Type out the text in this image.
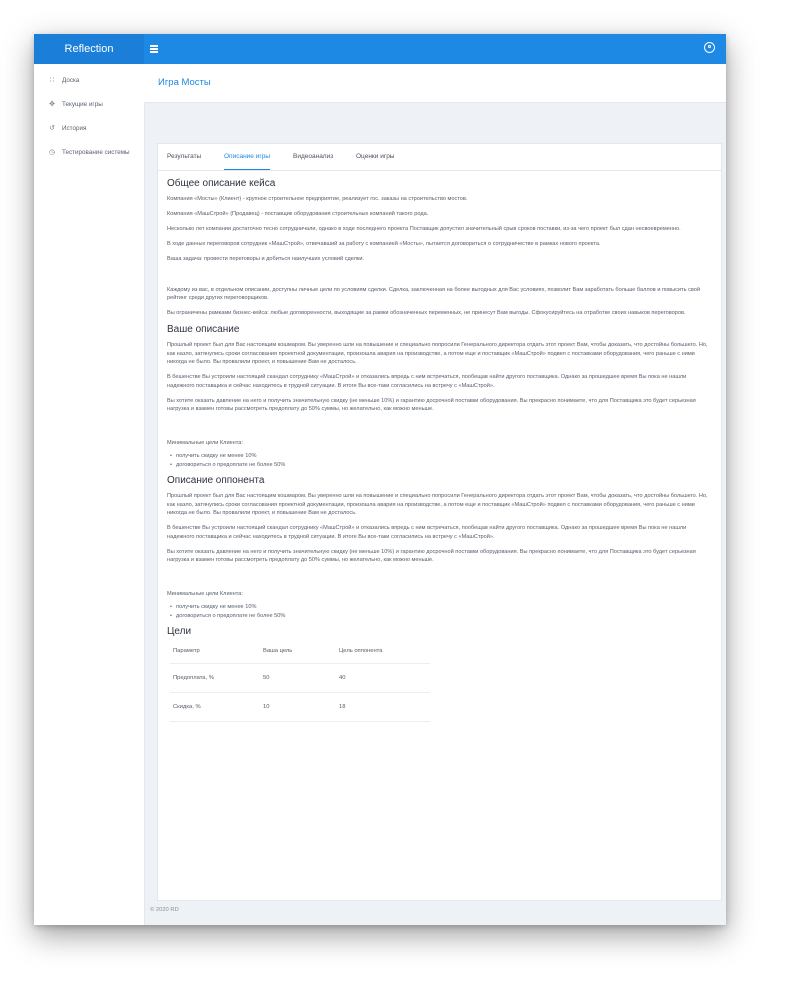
Reflection
∷ Доска
✥ Текущие игры
↺ История
◷ Тестирование системы
Игра Мосты
Результаты	Описание игры	Видеоанализ	Оценки игры
Общее описание кейса

Компания «Мосты» (Клиент) - крупное строительное предприятие, реализует гос. заказы на строительство мостов.

Компания «МашСтрой» (Продавец) - поставщик оборудования строительных компаний такого рода.

Несколько лет компании достаточно тесно сотрудничали, однако в ходе последнего проекта Поставщик допустил значительный срыв сроков поставки, из-за чего проект был сдан несвоевременно.

В ходе данных переговоров сотрудник «МашСтрой», отвечавший за работу с компанией «Мосты», пытается договориться о сотрудничестве в рамках нового проекта.

Ваша задача: провести переговоры и добиться наилучших условий сделки.

Каждому из вас, в отдельном описании, доступны личные цели по условиям сделки. Сделка, заключенная на более выгодных для Вас условиях, позволит Вам заработать больше баллов и повысить свой рейтинг среди других переговорщиков.

Вы ограничены рамками бизнес-кейса: любые договоренности, выходящие за рамки обозначенных переменных, не принесут Вам выгоды. Сфокусируйтесь на отработке своих навыков переговоров.

Ваше описание

Прошлый проект был для Вас настоящим кошмаром. Вы уверенно шли на повышение и специально попросили Генерального директора отдать этот проект Вам, чтобы доказать, что достойны большего. Но, как назло, затянулись сроки согласования проектной документации, произошла авария на производстве, а потом еще и поставщик «МашСтрой» подвел с поставками оборудования, чего раньше с ними никогда не было. Вы провалили проект, и повышение Вам не досталось.

В бешенстве Вы устроили настоящий скандал сотруднику «МашСтрой» и отказались впредь с ним встречаться, пообещав найти другого поставщика. Однако за прошедшее время Вы пока не нашли надежного поставщика и сейчас находитесь в трудной ситуации. В итоге Вы все-таки согласились на встречу с «МашСтрой».

Вы хотите оказать давление на него и получить значительную скидку (не меньше 10%) и гарантию досрочной поставки оборудования. Вы прекрасно понимаете, что для Поставщика это будет серьезная нагрузка и взамен готовы рассмотреть предоплату до 50% суммы, но желательно, как можно меньше.

Минимальные цели Клиента:

• получить скидку не менее 10%
• договориться о предоплате не более 50%
Описание оппонента

Прошлый проект был для Вас настоящим кошмаром. Вы уверенно шли на повышение и специально попросили Генерального директора отдать этот проект Вам, чтобы доказать, что достойны большего. Но, как назло, затянулись сроки согласования проектной документации, произошла авария на производстве, а потом еще и поставщик «МашСтрой» подвел с поставками оборудования, чего раньше с ними никогда не было. Вы провалили проект, и повышение Вам не досталось.

В бешенстве Вы устроили настоящий скандал сотруднику «МашСтрой» и отказались впредь с ним встречаться, пообещав найти другого поставщика. Однако за прошедшее время Вы пока не нашли надежного поставщика и сейчас находитесь в трудной ситуации. В итоге Вы все-таки согласились на встречу с «МашСтрой».

Вы хотите оказать давление на него и получить значительную скидку (не меньше 10%) и гарантию досрочной поставки оборудования. Вы прекрасно понимаете, что для Поставщика это будет серьезная нагрузка и взамен готовы рассмотреть предоплату до 50% суммы, но желательно, как можно меньше.

Минимальные цели Клиента:

• получить скидку не менее 10%
• договориться о предоплате не более 50%
Цели
Параметр	Ваша цель	Цель оппонента
Предоплата, %	50	40
Скидка, %	10	18
© 2020 RD
